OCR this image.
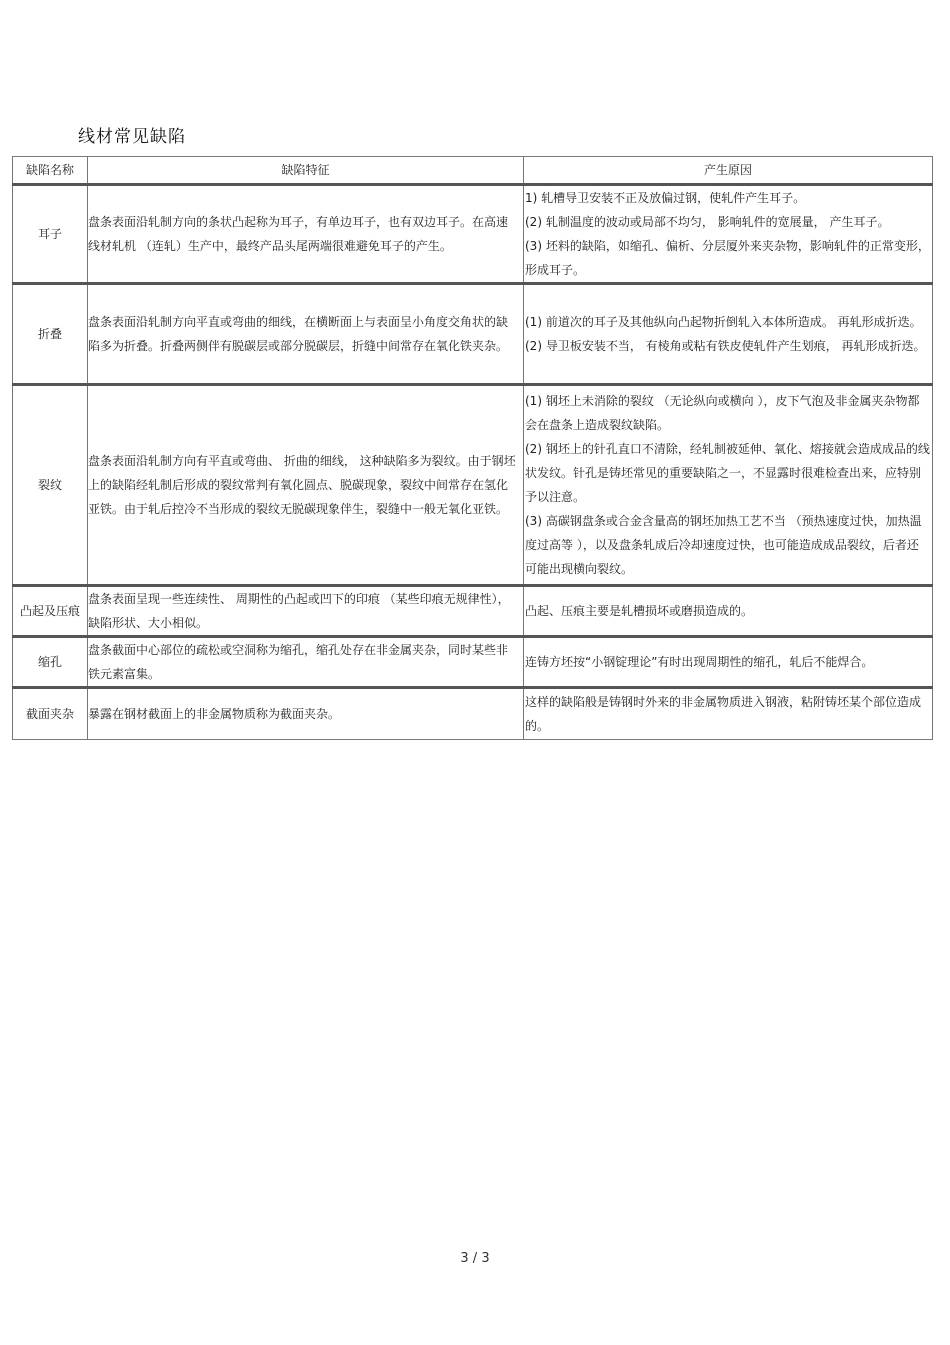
线材常见缺陷
缺陷名称	缺陷特征	产生原因
耳子	盘条表面沿轧制方向的条状凸起称为耳子，有单边耳子，也有双边耳子。在高速线材轧机 （连轧）生产中，最终产品头尾两端很难避免耳子的产生。	1) 轧槽导卫安装不正及放偏过钢，使轧件产生耳子。

(2) 轧制温度的波动或局部不均匀， 影响轧件的宽展量， 产生耳子。

(3) 坯料的缺陷，如缩孔、偏析、分层厦外来夹杂物，影响轧件的正常变形，形成耳子。

折叠	盘条表面沿轧制方向平直或弯曲的细线，在横断面上与表面呈小角度交角状的缺陷多为折叠。折叠两侧伴有脱碳层或部分脱碳层，折缝中间常存在氧化铁夹杂。	(1) 前道次的耳子及其他纵向凸起物折倒轧入本体所造成。 再轧形成折迭。

(2) 导卫板安装不当， 有棱角或粘有铁皮使轧件产生划痕， 再轧形成折迭。

裂纹	盘条表面沿轧制方向有平直或弯曲、 折曲的细线， 这种缺陷多为裂纹。由于钢坯上的缺陷经轧制后形成的裂纹常判有氧化圆点、脱碳现象，裂纹中间常存在氢化亚铁。由于轧后控冷不当形成的裂纹无脱碳现象伴生，裂缝中一般无氧化亚铁。	(1) 钢坯上未消除的裂纹 （无论纵向或横向 ），皮下气泡及非金属夹杂物都会在盘条上造成裂纹缺陷。

(2) 钢坯上的针孔直口不清除，经轧制被延伸、氧化、熔接就会造成成品的线状发纹。针孔是铸坯常见的重要缺陷之一，不显露时很难检查出来，应特别予以注意。

(3) 高碳钢盘条或合金含量高的钢坯加热工艺不当 （预热速度过快，加热温度过高等 ），以及盘条轧成后冷却速度过快，也可能造成成品裂纹，后者还可能出现横向裂纹。

凸起及压痕	盘条表面呈现一些连续性、 周期性的凸起或凹下的印痕 （某些印痕无规律性），缺陷形状、大小相似。	凸起、压痕主要是轧槽损坏或磨损造成的。

缩孔	盘条截面中心部位的疏松或空洞称为缩孔，缩孔处存在非金属夹杂，同时某些非铁元素富集。	连铸方坯按“小钢锭理论”有时出现周期性的缩孔，轧后不能焊合。

截面夹杂	暴露在钢材截面上的非金属物质称为截面夹杂。	这样的缺陷般是铸钢时外来的非金属物质进入钢液，粘附铸坯某个部位造成的。

3 / 3
